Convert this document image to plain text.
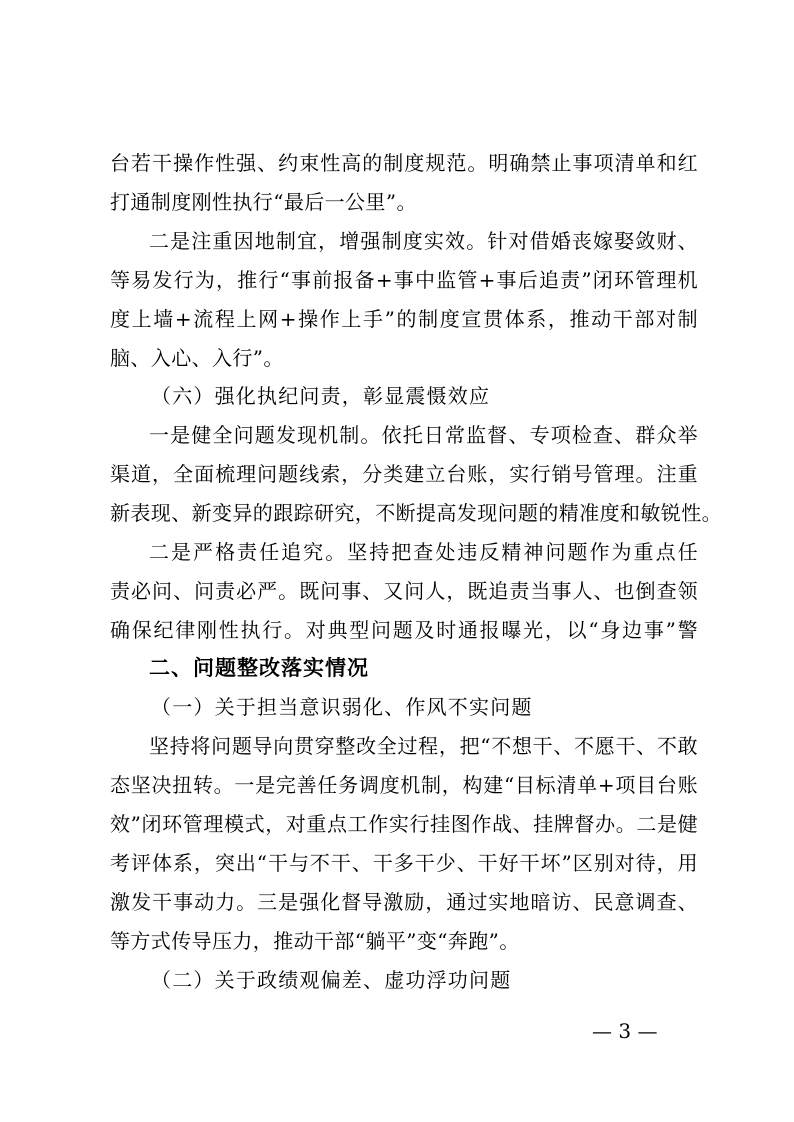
台若干操作性强、约束性高的制度规范。明确禁止事项清单和红
打通制度刚性执行“最后一公里”。
二是注重因地制宜，增强制度实效。针对借婚丧嫁娶敛财、
等易发行为，推行“事前报备+事中监管+事后追责”闭环管理机
度上墙+流程上网+操作上手”的制度宣贯体系，推动干部对制
脑、入心、入行”。
（六）强化执纪问责，彰显震慑效应
一是健全问题发现机制。依托日常监督、专项检查、群众举
渠道，全面梳理问题线索，分类建立台账，实行销号管理。注重
新表现、新变异的跟踪研究，不断提高发现问题的精准度和敏锐性。
二是严格责任追究。坚持把查处违反精神问题作为重点任
责必问、问责必严。既问事、又问人，既追责当事人、也倒查领
确保纪律刚性执行。对典型问题及时通报曝光，以“身边事”警
二、问题整改落实情况
（一）关于担当意识弱化、作风不实问题
坚持将问题导向贯穿整改全过程，把“不想干、不愿干、不敢
态坚决扭转。一是完善任务调度机制，构建“目标清单+项目台账
效”闭环管理模式，对重点工作实行挂图作战、挂牌督办。二是健
考评体系，突出“干与不干、干多干少、干好干坏”区别对待，用
激发干事动力。三是强化督导激励，通过实地暗访、民意调查、
等方式传导压力，推动干部“躺平”变“奔跑”。
（二）关于政绩观偏差、虚功浮功问题
— 3 —
